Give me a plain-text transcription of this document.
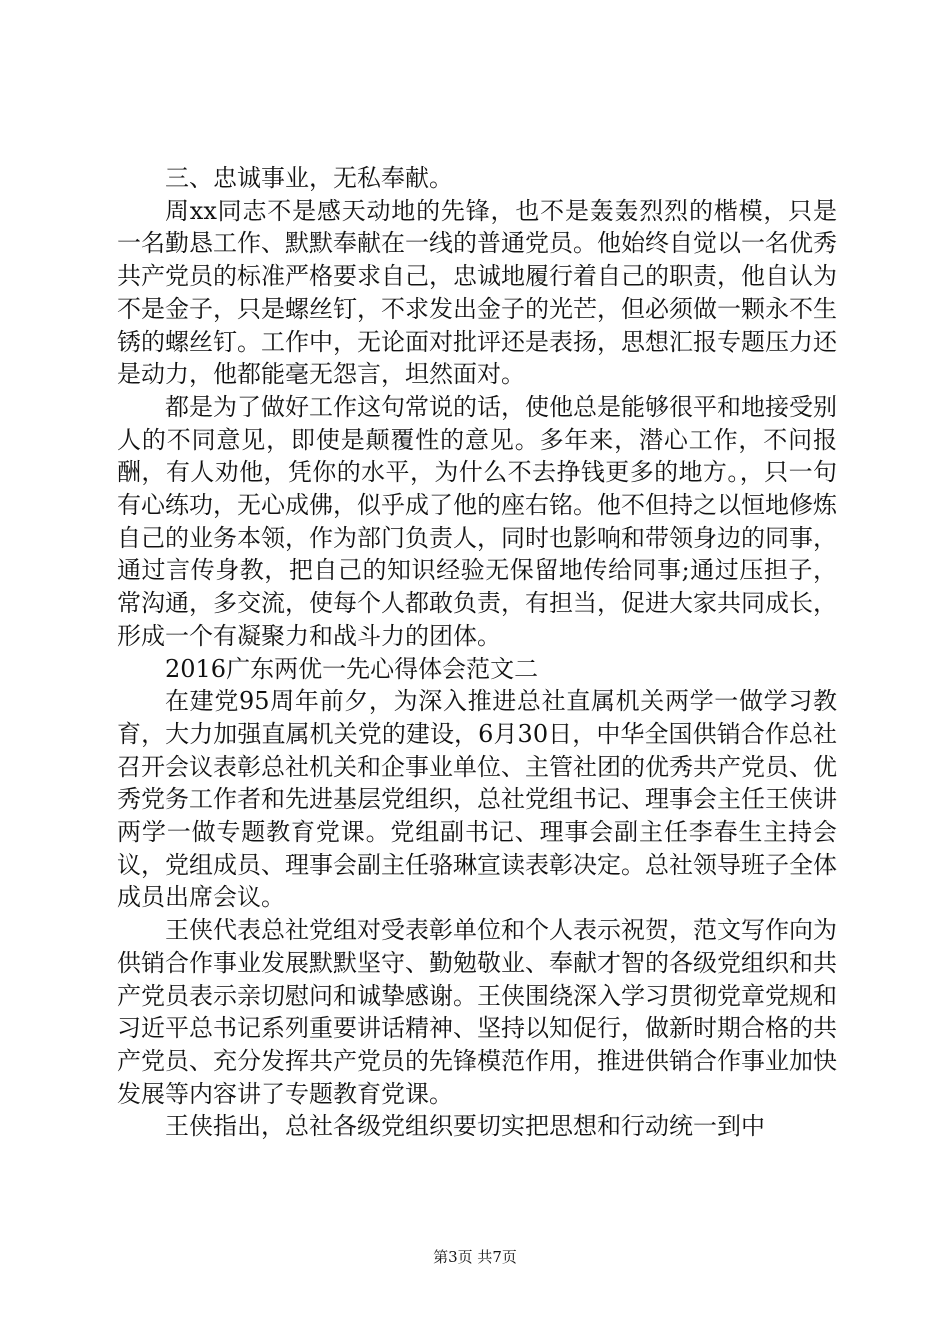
三、忠诚事业，无私奉献。

周xx同志不是感天动地的先锋，也不是轰轰烈烈的楷模，只是一名勤恳工作、默默奉献在一线的普通党员。他始终自觉以一名优秀共产党员的标准严格要求自己，忠诚地履行着自己的职责，他自认为不是金子，只是螺丝钉，不求发出金子的光芒，但必须做一颗永不生锈的螺丝钉。工作中，无论面对批评还是表扬，思想汇报专题压力还是动力，他都能毫无怨言，坦然面对。

都是为了做好工作这句常说的话，使他总是能够很平和地接受别人的不同意见，即使是颠覆性的意见。多年来，潜心工作，不问报酬，有人劝他，凭你的水平，为什么不去挣钱更多的地方。，只一句有心练功，无心成佛，似乎成了他的座右铭。他不但持之以恒地修炼自己的业务本领，作为部门负责人，同时也影响和带领身边的同事，通过言传身教，把自己的知识经验无保留地传给同事;通过压担子，常沟通，多交流，使每个人都敢负责，有担当，促进大家共同成长，形成一个有凝聚力和战斗力的团体。

2016广东两优一先心得体会范文二

在建党95周年前夕，为深入推进总社直属机关两学一做学习教育，大力加强直属机关党的建设，6月30日，中华全国供销合作总社召开会议表彰总社机关和企事业单位、主管社团的优秀共产党员、优秀党务工作者和先进基层党组织，总社党组书记、理事会主任王侠讲两学一做专题教育党课。党组副书记、理事会副主任李春生主持会议，党组成员、理事会副主任骆琳宣读表彰决定。总社领导班子全体成员出席会议。

王侠代表总社党组对受表彰单位和个人表示祝贺，范文写作向为供销合作事业发展默默坚守、勤勉敬业、奉献才智的各级党组织和共产党员表示亲切慰问和诚挚感谢。王侠围绕深入学习贯彻党章党规和习近平总书记系列重要讲话精神、坚持以知促行，做新时期合格的共产党员、充分发挥共产党员的先锋模范作用，推进供销合作事业加快发展等内容讲了专题教育党课。

王侠指出，总社各级党组织要切实把思想和行动统一到中

第3页 共7页
